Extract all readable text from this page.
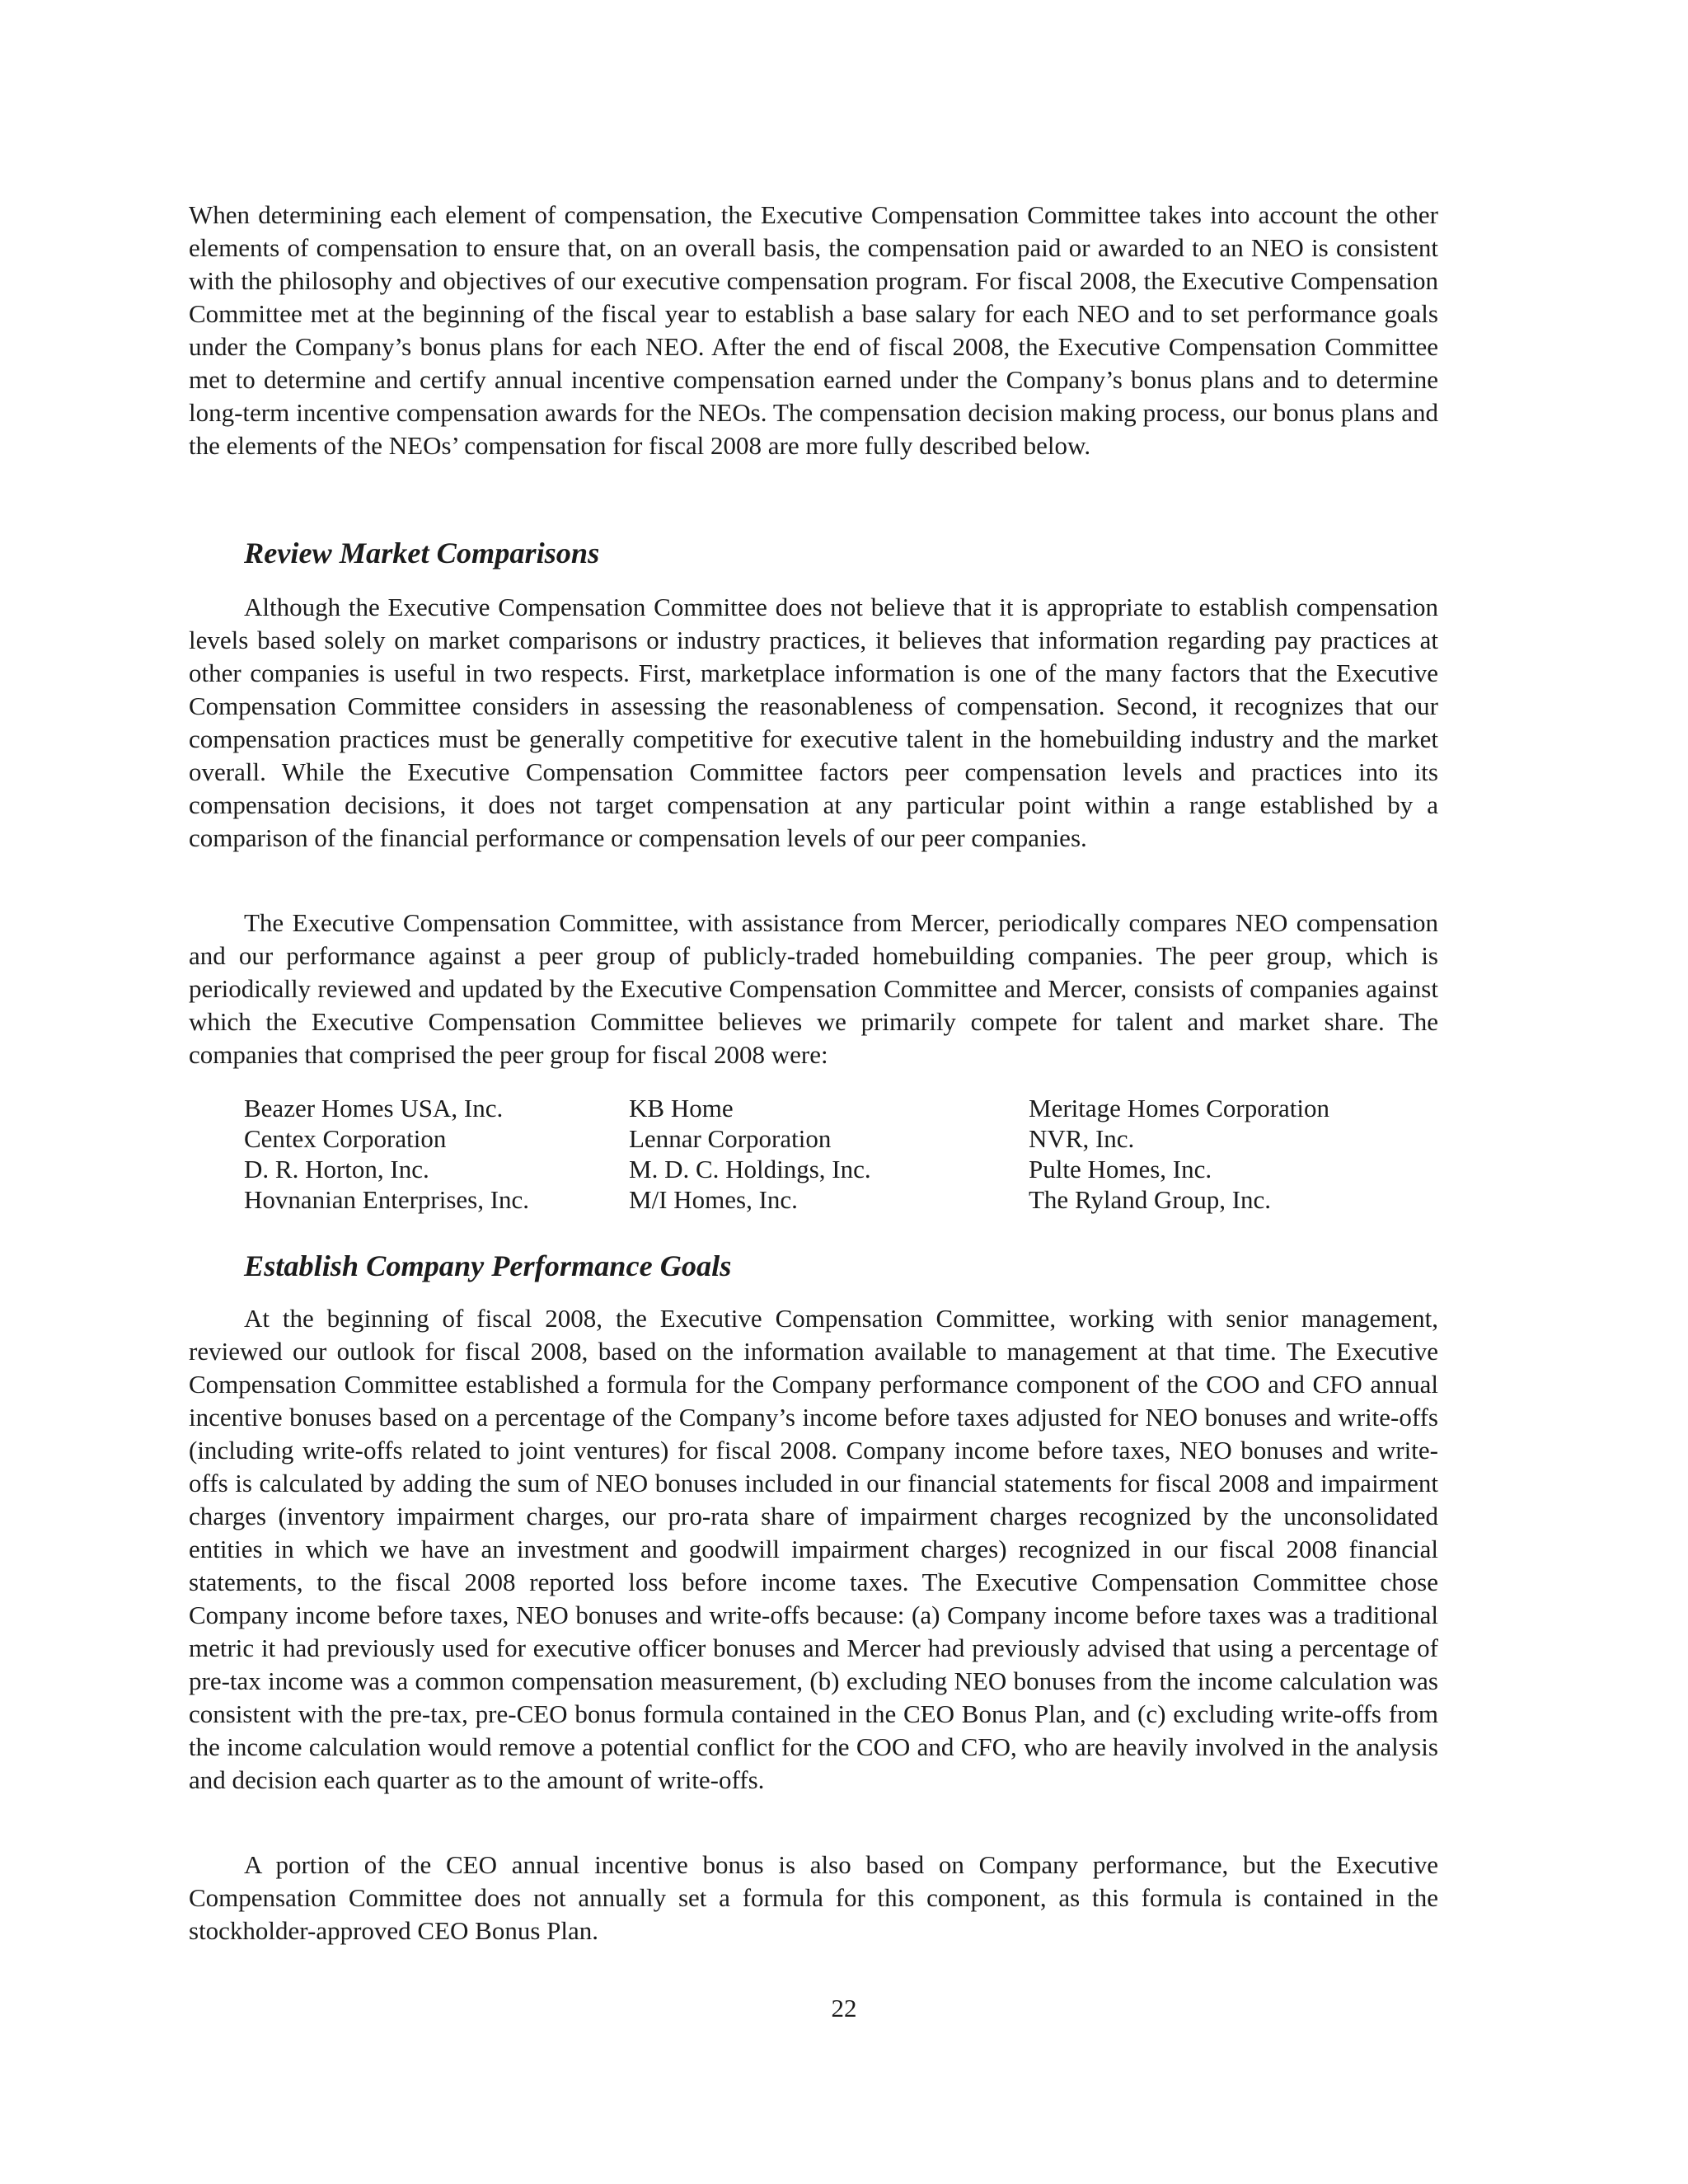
When determining each element of compensation, the Executive Compensation Committee takes into account the other elements of compensation to ensure that, on an overall basis, the compensation paid or awarded to an NEO is consistent with the philosophy and objectives of our executive compensation program. For fiscal 2008, the Executive Compensation Committee met at the beginning of the fiscal year to establish a base salary for each NEO and to set performance goals under the Company’s bonus plans for each NEO. After the end of fiscal 2008, the Executive Compensation Committee met to determine and certify annual incentive compensation earned under the Company’s bonus plans and to determine long-term incentive compensation awards for the NEOs. The compensation decision making process, our bonus plans and the elements of the NEOs’ compensation for fiscal 2008 are more fully described below.

Review Market Comparisons

Although the Executive Compensation Committee does not believe that it is appropriate to establish compensation levels based solely on market comparisons or industry practices, it believes that information regarding pay practices at other companies is useful in two respects. First, marketplace information is one of the many factors that the Executive Compensation Committee considers in assessing the reasonableness of compensation. Second, it recognizes that our compensation practices must be generally competitive for executive talent in the homebuilding industry and the market overall. While the Executive Compensation Committee factors peer compensation levels and practices into its compensation decisions, it does not target compensation at any particular point within a range established by a comparison of the financial performance or compensation levels of our peer companies.

The Executive Compensation Committee, with assistance from Mercer, periodically compares NEO compensation and our performance against a peer group of publicly-traded homebuilding companies. The peer group, which is periodically reviewed and updated by the Executive Compensation Committee and Mercer, consists of companies against which the Executive Compensation Committee believes we primarily compete for talent and market share. The companies that comprised the peer group for fiscal 2008 were:

Beazer Homes USA, Inc.
Centex Corporation
D. R. Horton, Inc.
Hovnanian Enterprises, Inc.
KB Home
Lennar Corporation
M. D. C. Holdings, Inc.
M/I Homes, Inc.
Meritage Homes Corporation
NVR, Inc.
Pulte Homes, Inc.
The Ryland Group, Inc.
Establish Company Performance Goals

At the beginning of fiscal 2008, the Executive Compensation Committee, working with senior management, reviewed our outlook for fiscal 2008, based on the information available to management at that time. The Executive Compensation Committee established a formula for the Company performance component of the COO and CFO annual incentive bonuses based on a percentage of the Company’s income before taxes adjusted for NEO bonuses and write-offs (including write-offs related to joint ventures) for fiscal 2008. Company income before taxes, NEO bonuses and write-offs is calculated by adding the sum of NEO bonuses included in our financial statements for fiscal 2008 and impairment charges (inventory impairment charges, our pro-rata share of impairment charges recognized by the unconsolidated entities in which we have an investment and goodwill impairment charges) recognized in our fiscal 2008 financial statements, to the fiscal 2008 reported loss before income taxes. The Executive Compensation Committee chose Company income before taxes, NEO bonuses and write-offs because: (a) Company income before taxes was a traditional metric it had previously used for executive officer bonuses and Mercer had previously advised that using a percentage of pre-tax income was a common compensation measurement, (b) excluding NEO bonuses from the income calculation was consistent with the pre-tax, pre-CEO bonus formula contained in the CEO Bonus Plan, and (c) excluding write-offs from the income calculation would remove a potential conflict for the COO and CFO, who are heavily involved in the analysis and decision each quarter as to the amount of write-offs.

A portion of the CEO annual incentive bonus is also based on Company performance, but the Executive Compensation Committee does not annually set a formula for this component, as this formula is contained in the stockholder-approved CEO Bonus Plan.

22
